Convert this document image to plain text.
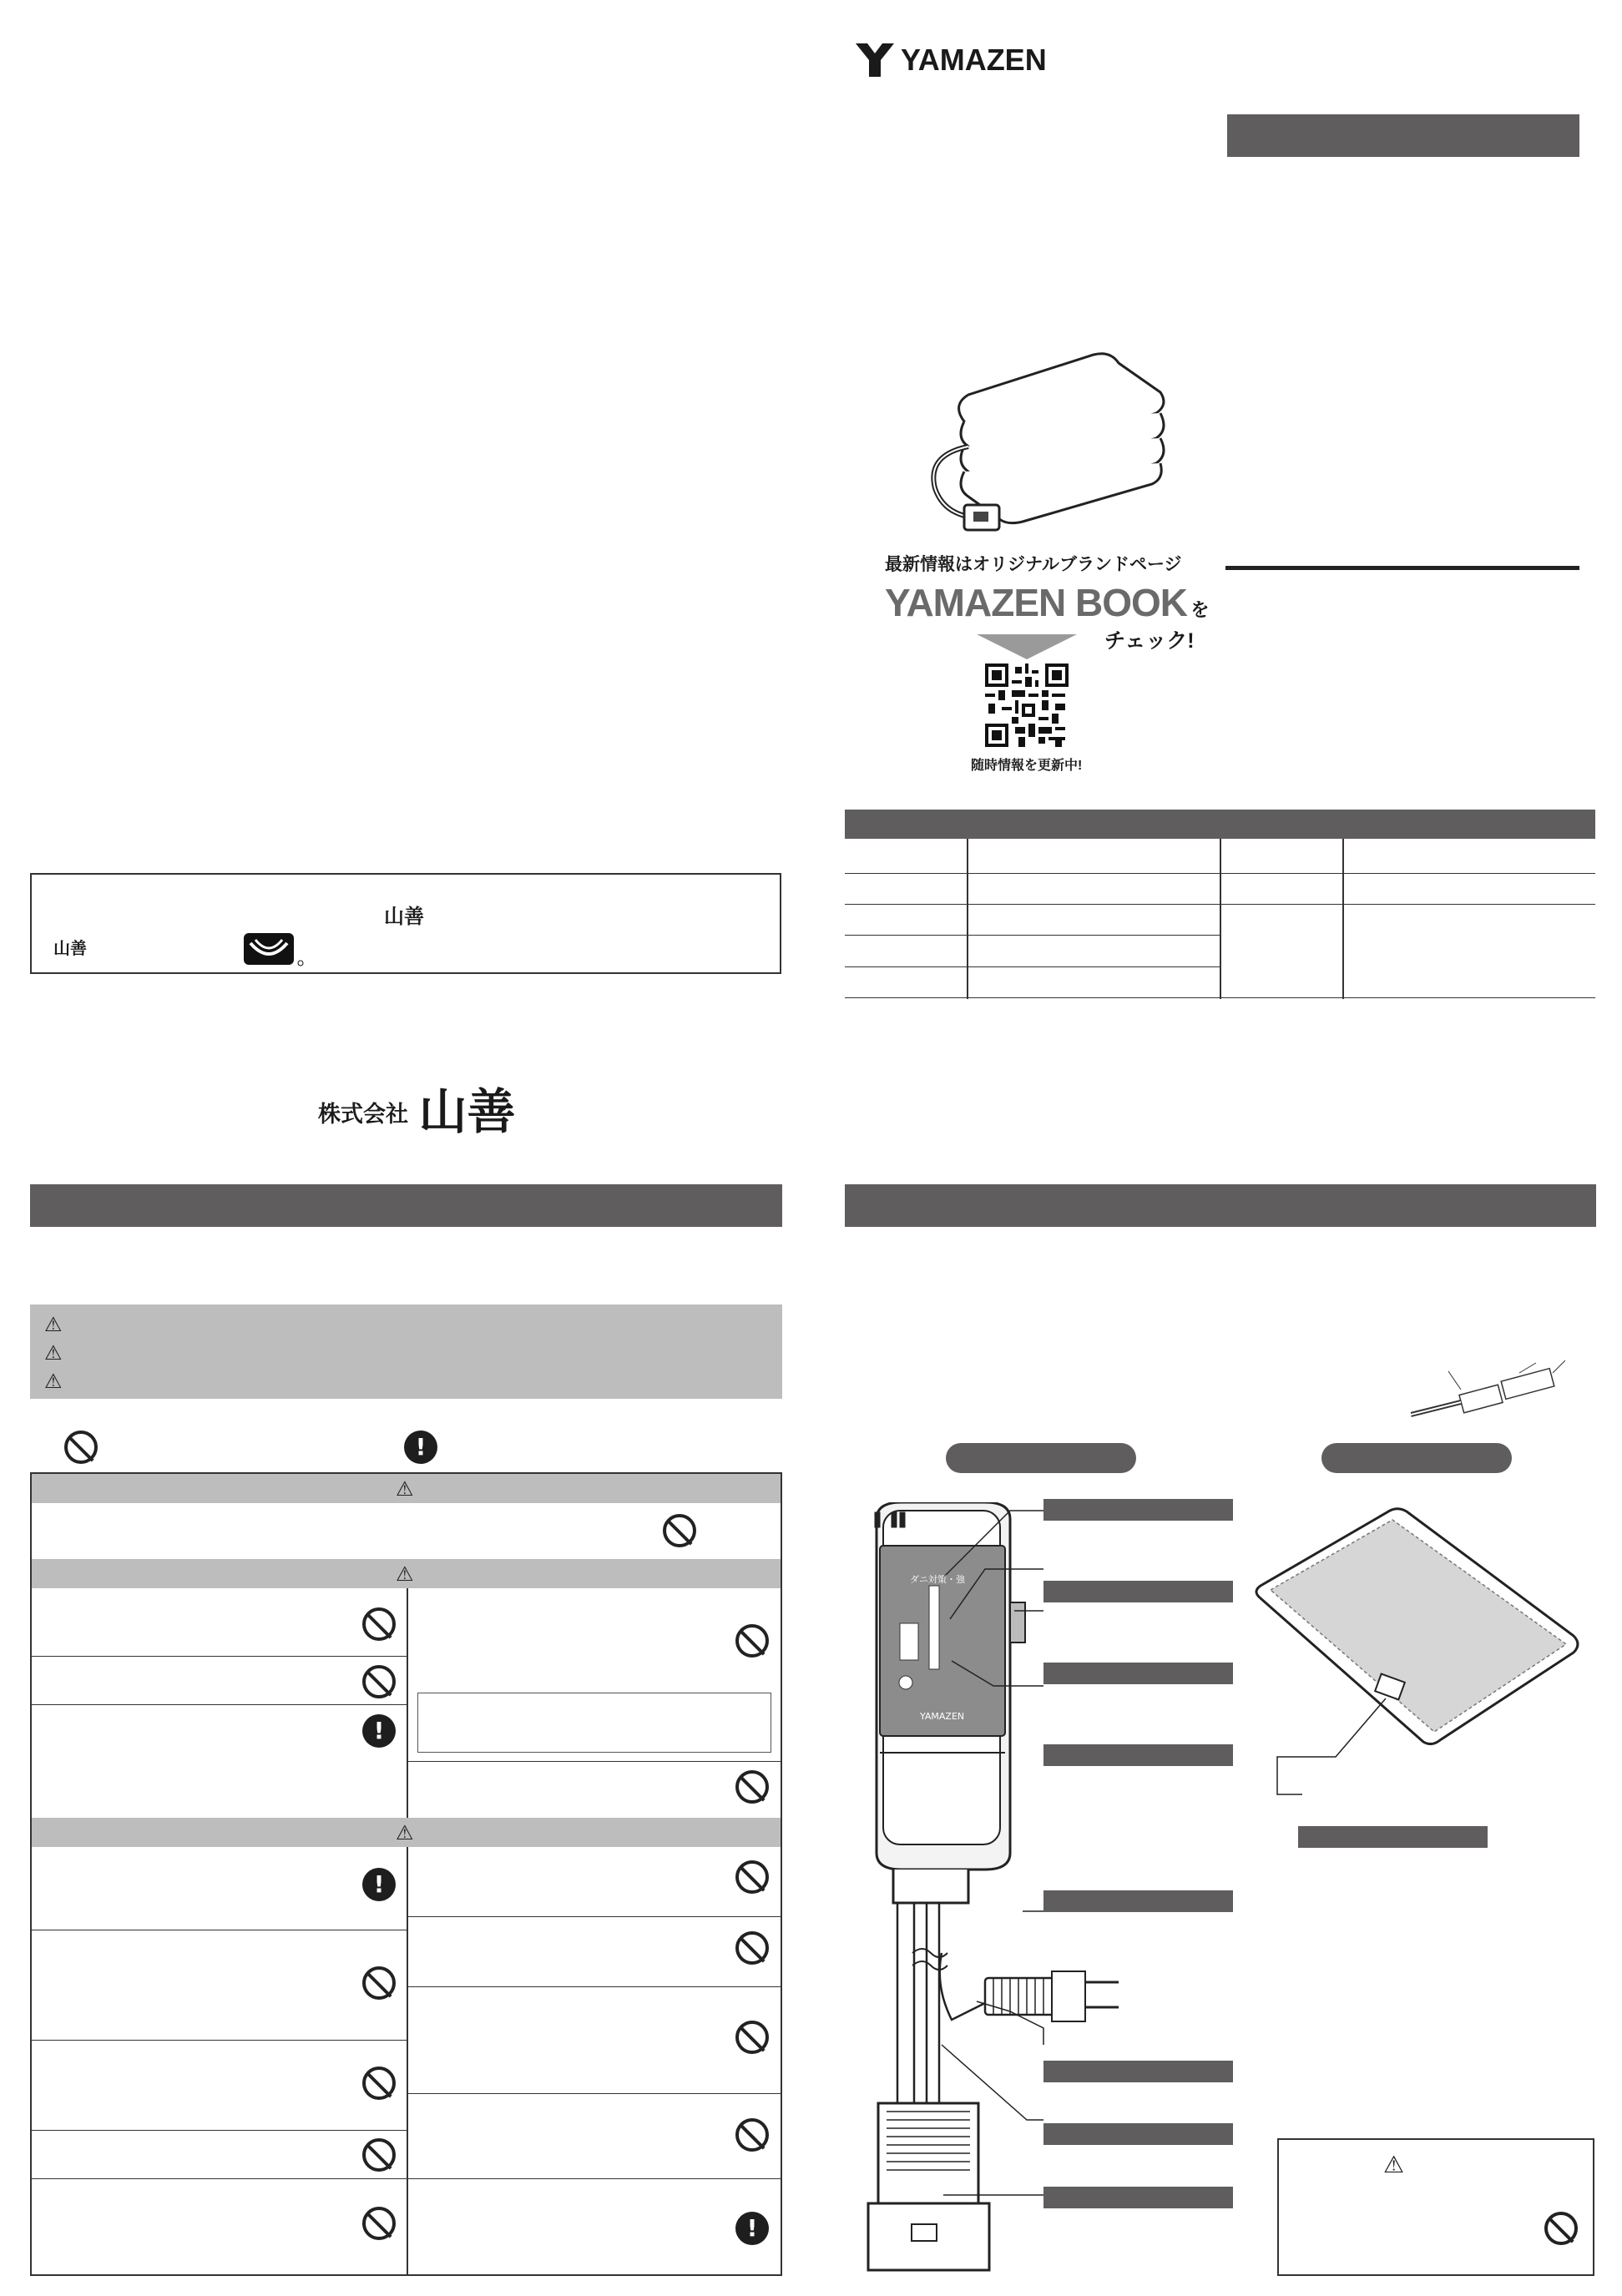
YAMAZEN
最新情報はオリジナルブランドページ
YAMAZEN BOOK を
チェック!
随時情報を更新中!
山善
山善
株式会社 山善
⚠
⚠
⚠
!
⚠
⚠
!
⚠
!
!
ダニ対策・強
YAMAZEN
⚠
